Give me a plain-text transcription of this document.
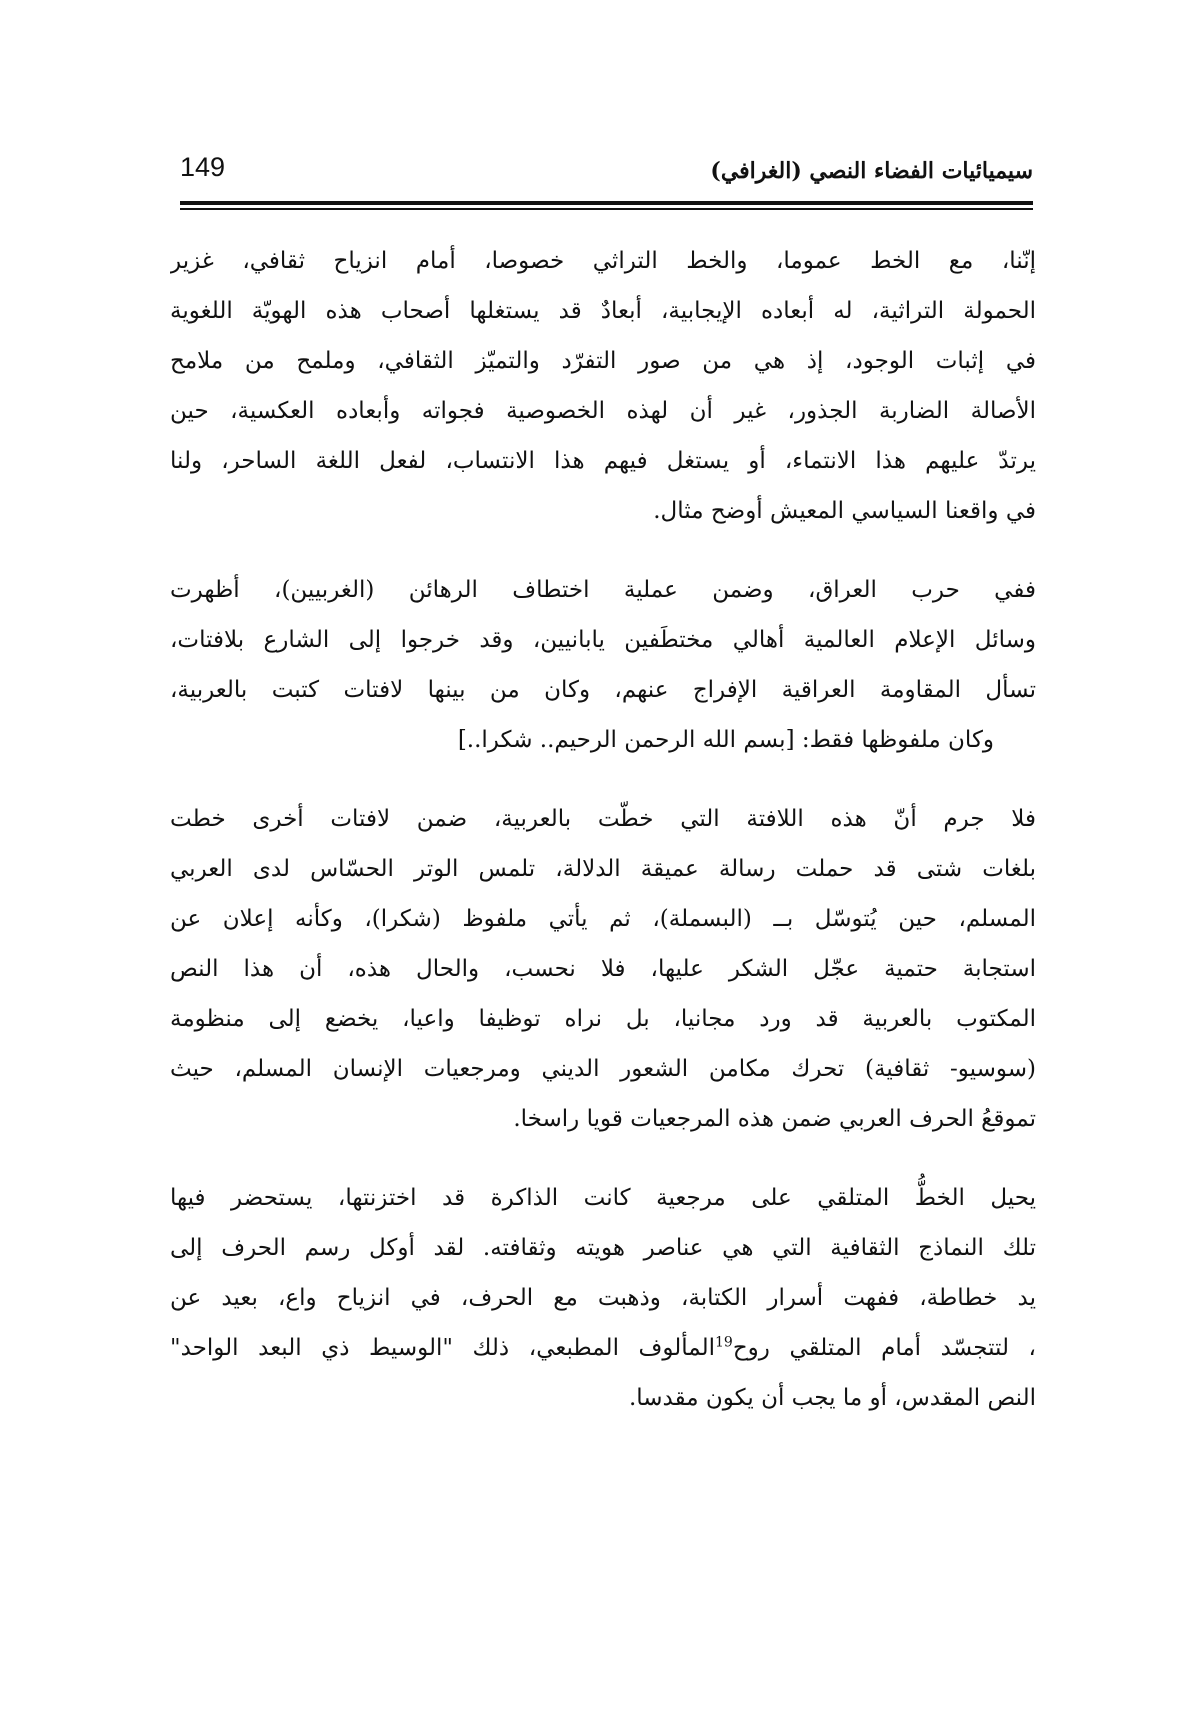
سيميائيات الفضاء النصي (الغرافي)
149
إنّنا، مع الخط عموما، والخط التراثي خصوصا، أمام انزياح ثقافي، غزير
الحمولة التراثية، له أبعاده الإيجابية، أبعادٌ قد يستغلها أصحاب هذه الهويّة اللغوية
في إثبات الوجود، إذ هي من صور التفرّد والتميّز الثقافي، وملمح من ملامح
الأصالة الضاربة الجذور، غير أن لهذه الخصوصية فجواته وأبعاده العكسية، حين
يرتدّ عليهم هذا الانتماء، أو يستغل فيهم هذا الانتساب، لفعل اللغة الساحر، ولنا
في واقعنا السياسي المعيش أوضح مثال.
ففي حرب العراق، وضمن عملية اختطاف الرهائن (الغربيين)، أظهرت
وسائل الإعلام العالمية أهالي مختطَفين يابانيين، وقد خرجوا إلى الشارع بلافتات،
تسأل المقاومة العراقية الإفراج عنهم، وكان من بينها لافتات كتبت بالعربية،
وكان ملفوظها فقط: [بسم الله الرحمن الرحيم.. شكرا..]
فلا جرم أنّ هذه اللافتة التي خطّت بالعربية، ضمن لافتات أخرى خطت
بلغات شتى قد حملت رسالة عميقة الدلالة، تلمس الوتر الحسّاس لدى العربي
المسلم، حين يُتوسّل بــ (البسملة)، ثم يأتي ملفوظ (شكرا)، وكأنه إعلان عن
استجابة حتمية عجّل الشكر عليها، فلا نحسب، والحال هذه، أن هذا النص
المكتوب بالعربية قد ورد مجانيا، بل نراه توظيفا واعيا، يخضع إلى منظومة
(سوسيو- ثقافية) تحرك مكامن الشعور الديني ومرجعيات الإنسان المسلم، حيث
تموقعُ الحرف العربي ضمن هذه المرجعيات قويا راسخا.
يحيل الخطُّ المتلقي على مرجعية كانت الذاكرة قد اختزنتها، يستحضر فيها
تلك النماذج الثقافية التي هي عناصر هويته وثقافته. لقد أوكل رسم الحرف إلى
يد خطاطة، ففهت أسرار الكتابة، وذهبت مع الحرف، في انزياح واع، بعيد عن
، لتتجسّد أمام المتلقي روح$^{19}$المألوف المطبعي، ذلك "الوسيط ذي البعد الواحد"
النص المقدس، أو ما يجب أن يكون مقدسا.
